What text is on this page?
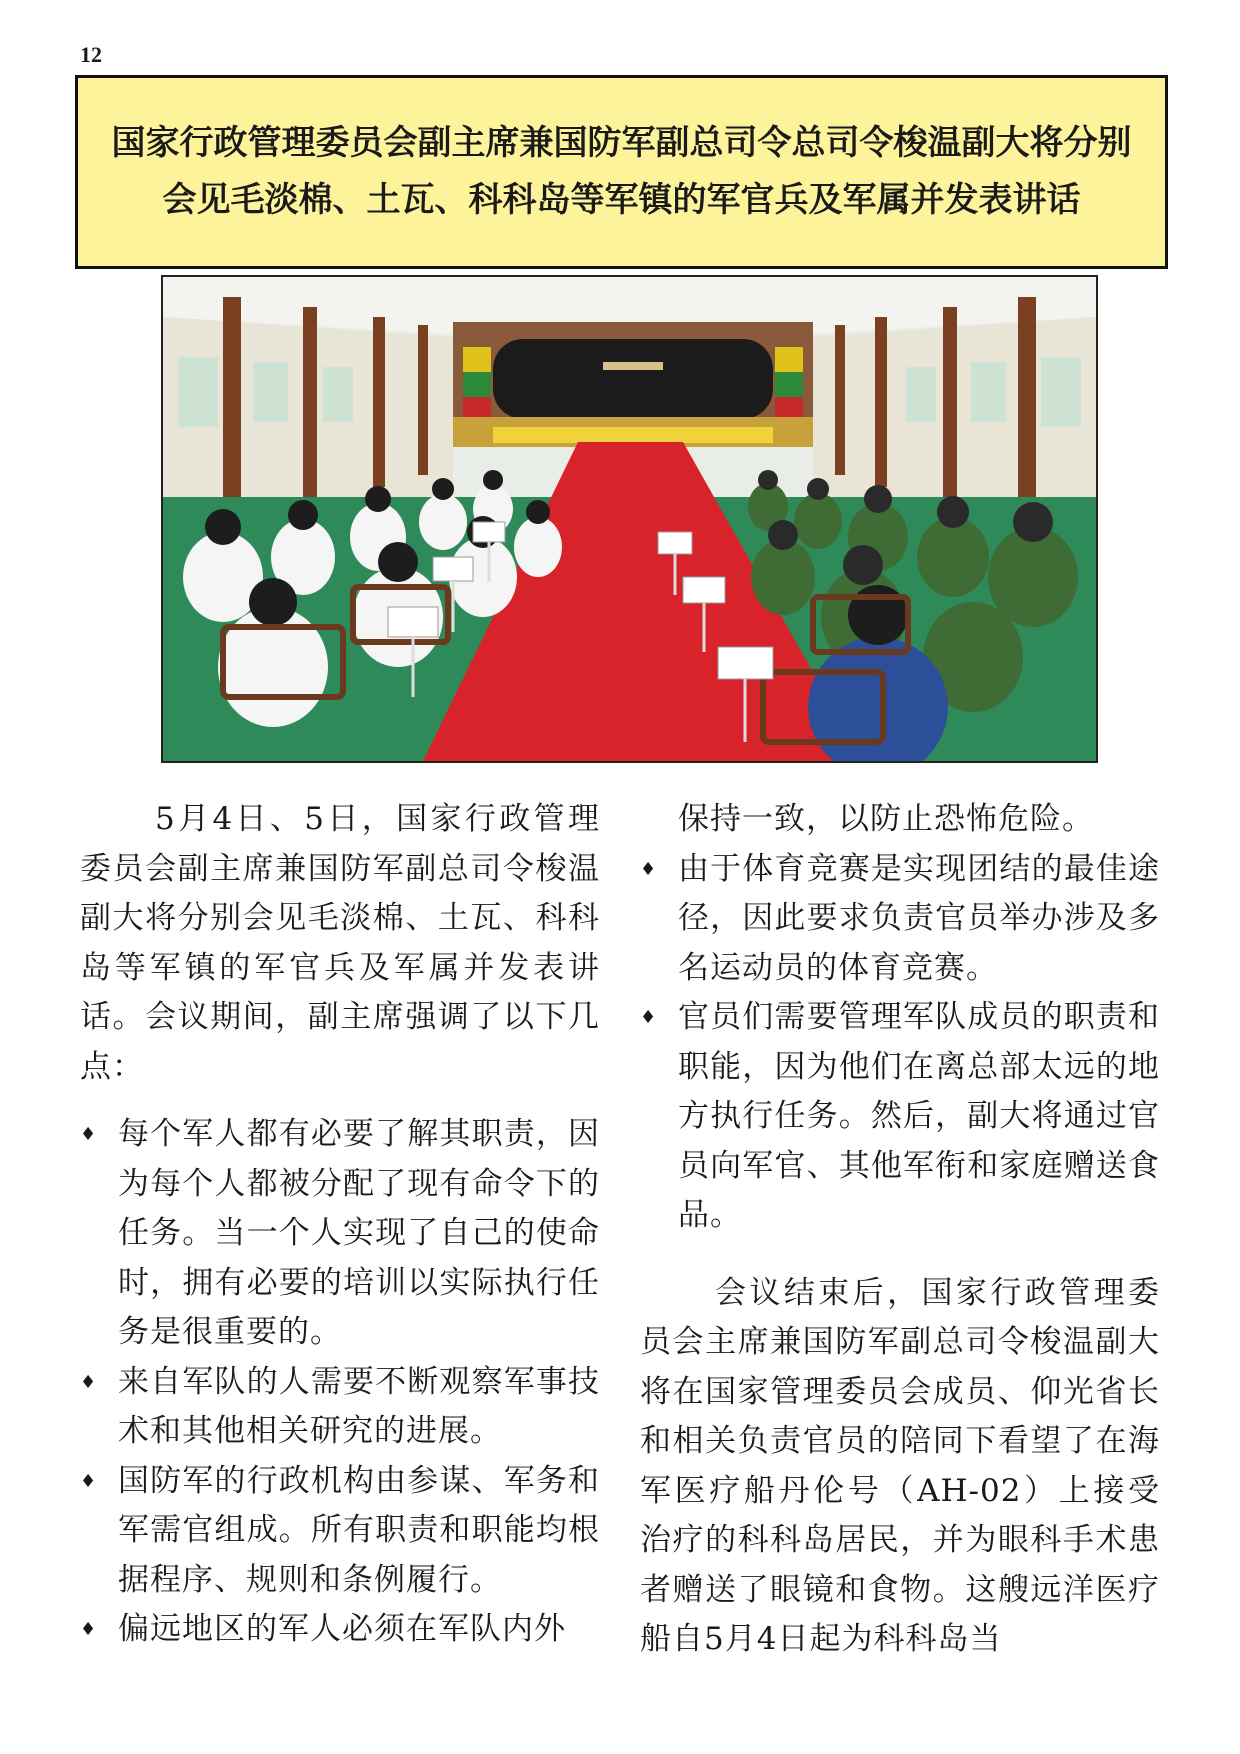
12
国家行政管理委员会副主席兼国防军副总司令总司令梭温副大将分别会见毛淡棉、土瓦、科科岛等军镇的军官兵及军属并发表讲话

5月4日、5日，国家行政管理委员会副主席兼国防军副总司令梭温副大将分别会见毛淡棉、土瓦、科科岛等军镇的军官兵及军属并发表讲话。会议期间，副主席强调了以下几点：

♦ 每个军人都有必要了解其职责，因为每个人都被分配了现有命令下的任务。当一个人实现了自己的使命时，拥有必要的培训以实际执行任务是很重要的。
♦ 来自军队的人需要不断观察军事技术和其他相关研究的进展。
♦ 国防军的行政机构由参谋、军务和军需官组成。所有职责和职能均根据程序、规则和条例履行。
♦ 偏远地区的军人必须在军队内外

保持一致，以防止恐怖危险。

♦ 由于体育竞赛是实现团结的最佳途径，因此要求负责官员举办涉及多名运动员的体育竞赛。
♦ 官员们需要管理军队成员的职责和职能，因为他们在离总部太远的地方执行任务。然后，副大将通过官员向军官、其他军衔和家庭赠送食品。

会议结束后，国家行政管理委员会主席兼国防军副总司令梭温副大将在国家管理委员会成员、仰光省长和相关负责官员的陪同下看望了在海军医疗船丹伦号（AH-02）上接受治疗的科科岛居民，并为眼科手术患者赠送了眼镜和食物。这艘远洋医疗船自5月4日起为科科岛当
